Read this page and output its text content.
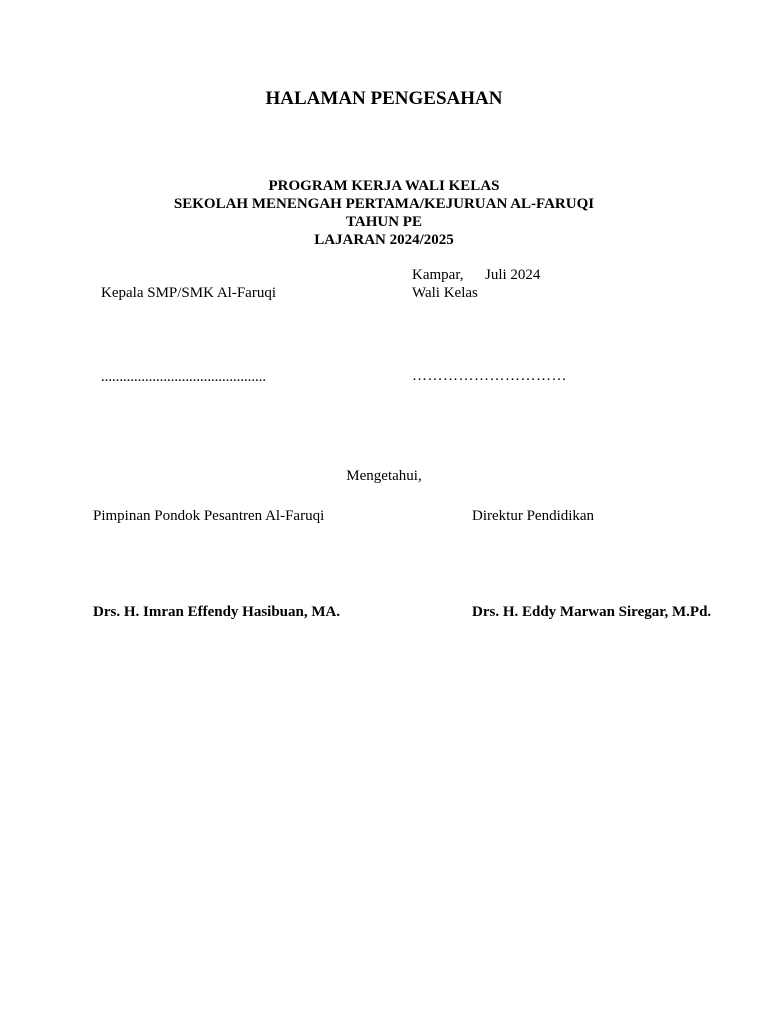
HALAMAN PENGESAHAN
PROGRAM KERJA WALI KELAS
SEKOLAH MENENGAH PERTAMA/KEJURUAN AL-FARUQI
TAHUN PE
LAJARAN 2024/2025
Kampar, Juli 2024
Kepala SMP/SMK Al-Faruqi	Wali Kelas
………………………………………	…………………………
Mengetahui,
Pimpinan Pondok Pesantren Al-Faruqi	Direktur Pendidikan
Drs. H. Imran Effendy Hasibuan, MA.	Drs. H. Eddy Marwan Siregar, M.Pd.
